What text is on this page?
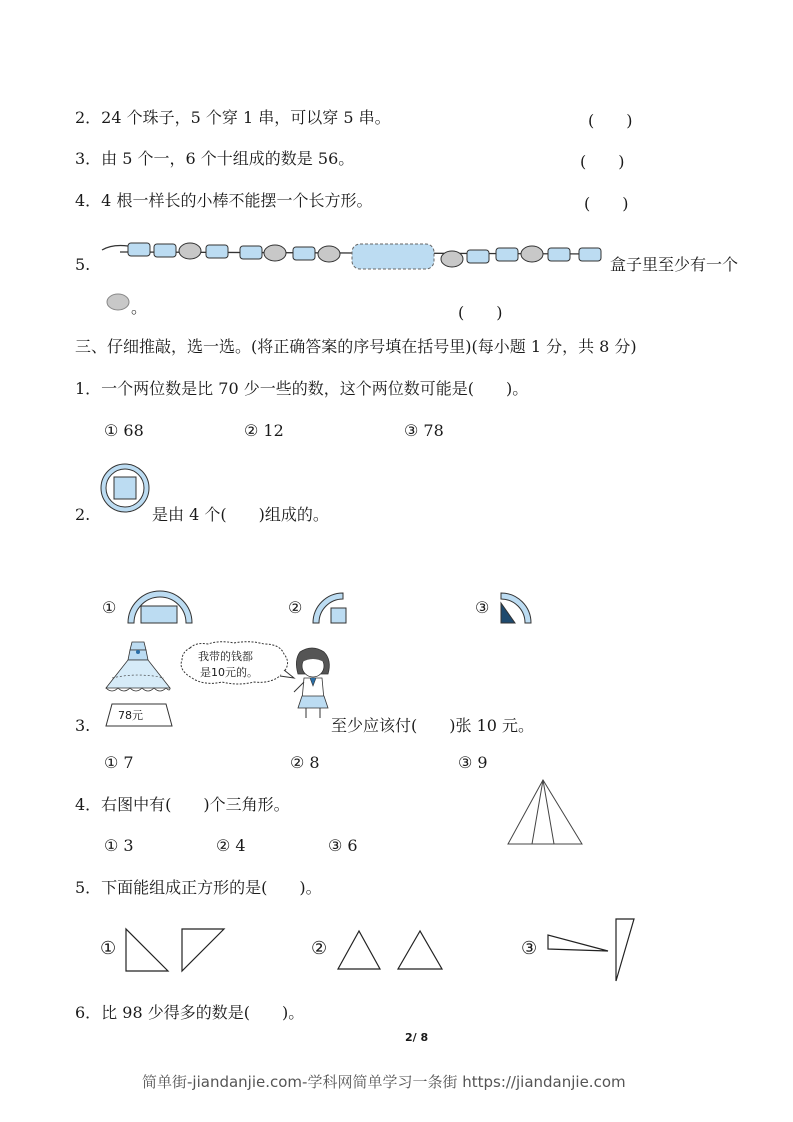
2．24 个珠子，5 个穿 1 串，可以穿 5 串。	(　　)
3．由 5 个一，6 个十组成的数是 56。	(　　)
4．4 根一样长的小棒不能摆一个长方形。	(　　)
5.	盒子里至少有一个
。	(　　)
三、仔细推敲，选一选。(将正确答案的序号填在括号里)(每小题 1 分，共 8 分)
1．一个两位数是比 70 少一些的数，这个两位数可能是(　　)。
① 68	② 12	③ 78
2.	是由 4 个(　　)组成的。
①	②	③
78元
我带的钱都
是10元的。
3.	至少应该付(　　)张 10 元。
① 7	② 8	③ 9
4．右图中有(　　)个三角形。
① 3	② 4	③ 6
5．下面能组成正方形的是(　　)。
①	②	③
6．比 98 少得多的数是(　　)。
2/ 8
简单街-jiandanjie.com-学科网简单学习一条街 https://jiandanjie.com
